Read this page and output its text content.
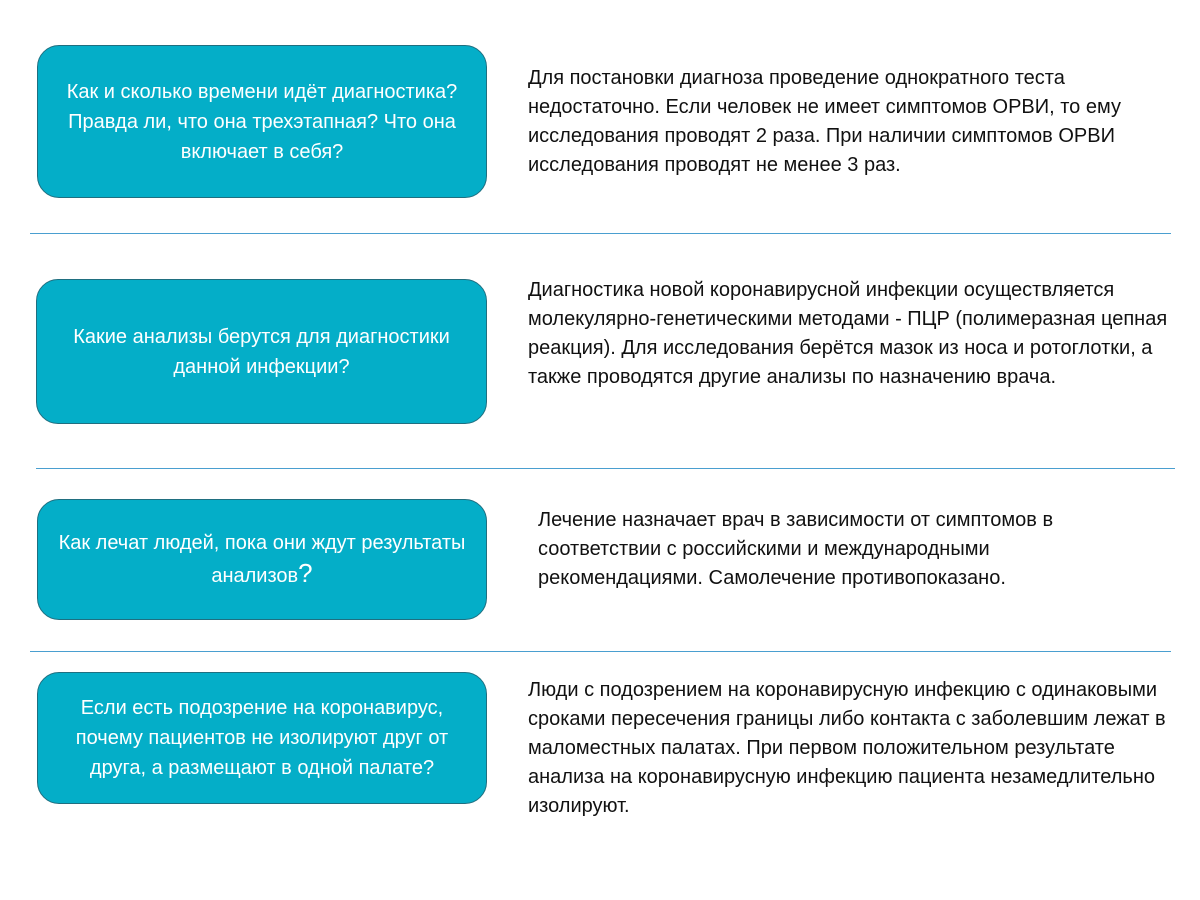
Как и сколько времени идёт диагностика? Правда ли, что она трехэтапная? Что она включает в себя?
Для постановки диагноза проведение однократного теста недостаточно. Если человек не имеет симптомов ОРВИ, то ему исследования проводят 2 раза. При наличии симптомов ОРВИ исследования проводят не менее 3 раз.
Какие анализы берутся для диагностики данной инфекции?
Диагностика новой коронавирусной инфекции осуществляется молекулярно-генетическими методами - ПЦР (полимеразная цепная реакция). Для исследования берётся мазок из носа и ротоглотки, а также проводятся другие анализы по назначению врача.
Как лечат людей, пока они ждут результаты анализов?
Лечение назначает врач в зависимости от симптомов в соответствии с российскими и международными рекомендациями. Самолечение противопоказано.
Если есть подозрение на коронавирус, почему пациентов не изолируют друг от друга, а размещают в одной палате?
Люди с подозрением на коронавирусную инфекцию с одинаковыми сроками пересечения границы либо контакта с заболевшим лежат в маломестных палатах. При первом положительном результате анализа на коронавирусную инфекцию пациента незамедлительно изолируют.
